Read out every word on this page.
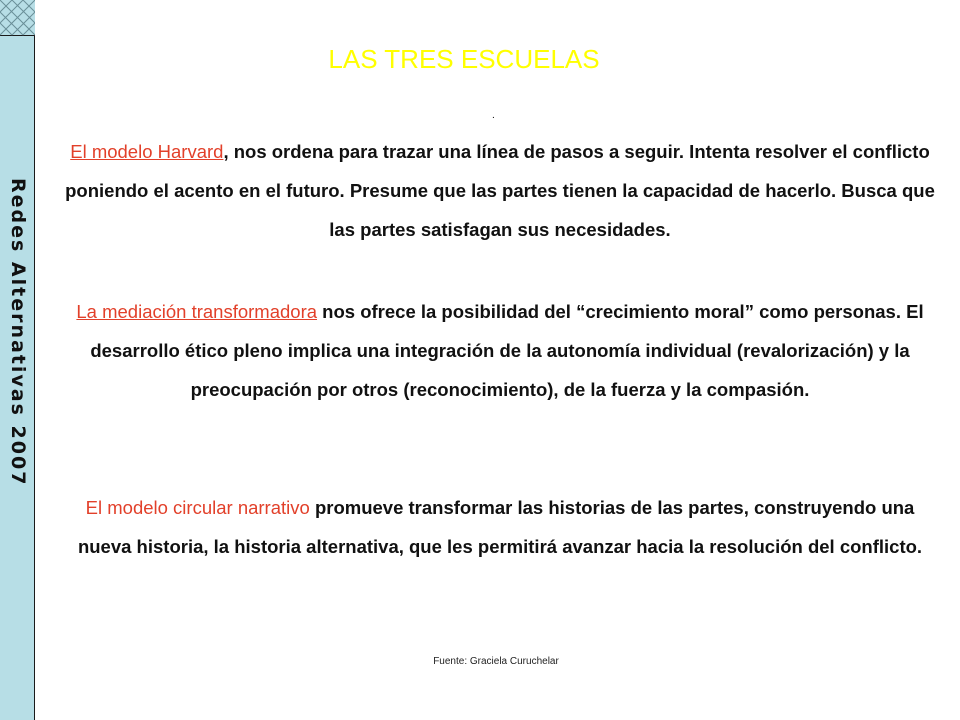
Redes Alternativas 2007
LAS TRES ESCUELAS
.
El modelo Harvard, nos ordena para trazar una línea de pasos a seguir. Intenta resolver el conflicto poniendo el acento en el futuro. Presume que las partes tienen la capacidad de hacerlo. Busca que las partes satisfagan sus necesidades.
La mediación transformadora nos ofrece la posibilidad del “crecimiento moral” como personas. El desarrollo ético pleno implica una integración de la autonomía individual (revalorización) y la preocupación por otros (reconocimiento), de la fuerza y la compasión.
El modelo circular narrativo promueve transformar las historias de las partes, construyendo una nueva historia, la historia alternativa, que les permitirá avanzar hacia la resolución del conflicto.
Fuente: Graciela Curuchelar
